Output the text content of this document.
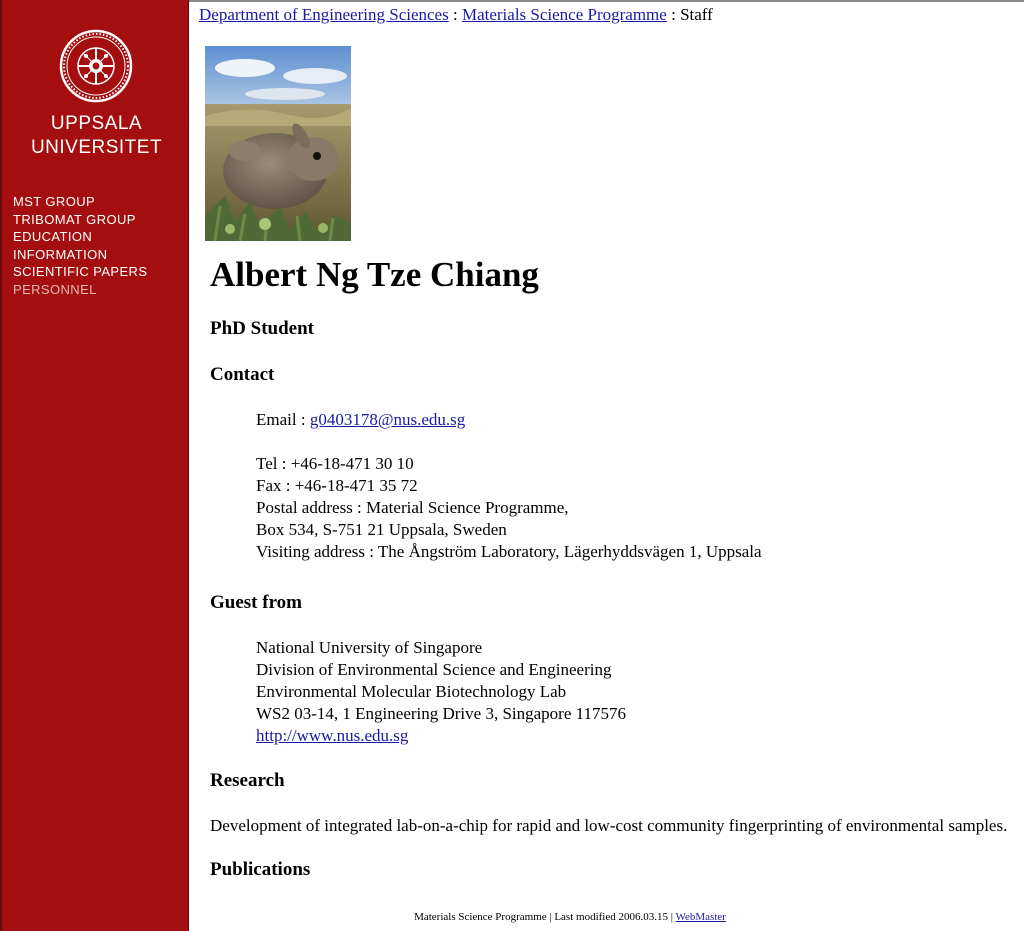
UPPSALA
UNIVERSITET
MST GROUP
TRIBOMAT GROUP
EDUCATION
INFORMATION
SCIENTIFIC PAPERS
PERSONNEL
Department of Engineering Sciences : Materials Science Programme : Staff
Albert Ng Tze Chiang
PhD Student
Contact
Email : g0403178@nus.edu.sg
Tel : +46-18-471 30 10
Fax : +46-18-471 35 72
Postal address : Material Science Programme,
Box 534, S-751 21 Uppsala, Sweden
Visiting address : The Ångström Laboratory, Lägerhyddsvägen 1, Uppsala
Guest from
National University of Singapore
Division of Environmental Science and Engineering
Environmental Molecular Biotechnology Lab
WS2 03-14, 1 Engineering Drive 3, Singapore 117576
http://www.nus.edu.sg
Research
Development of integrated lab-on-a-chip for rapid and low-cost community fingerprinting of environmental samples.
Publications
Materials Science Programme | Last modified 2006.03.15 | WebMaster
